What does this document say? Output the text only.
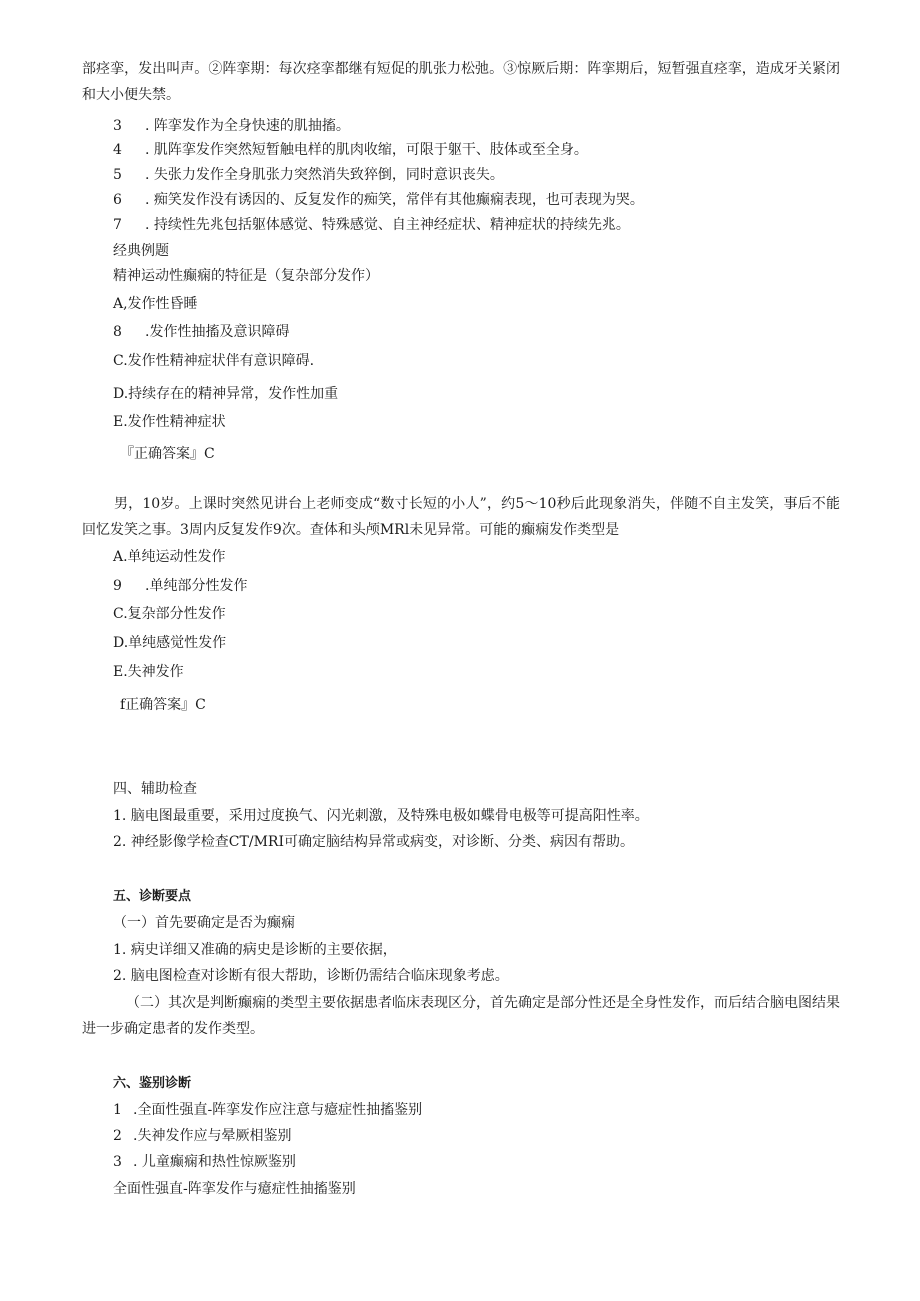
部痉挛，发出叫声。②阵挛期：每次痉挛都继有短促的肌张力松弛。③惊厥后期：阵挛期后，短暂强直痉挛，造成牙关紧闭和大小便失禁。
3 . 阵挛发作为全身快速的肌抽搐。
4 . 肌阵挛发作突然短暂触电样的肌肉收缩，可限于躯干、肢体或至全身。
5 . 失张力发作全身肌张力突然消失致猝倒，同时意识丧失。
6 . 痴笑发作没有诱因的、反复发作的痴笑，常伴有其他癫痫表现，也可表现为哭。
7 . 持续性先兆包括躯体感觉、特殊感觉、自主神经症状、精神症状的持续先兆。
经典例题
精神运动性癫痫的特征是（复杂部分发作）
A,发作性昏睡
8 .发作性抽搐及意识障碍
C.发作性精神症状伴有意识障碍.
D.持续存在的精神异常，发作性加重
E.发作性精神症状
『正确答案』C
男，10岁。上课时突然见讲台上老师变成“数寸长短的小人”，约5～10秒后此现象消失，伴随不自主发笑，事后不能回忆发笑之事。3周内反复发作9次。查体和头颅MRl未见异常。可能的癫痫发作类型是
A.单纯运动性发作
9 .单纯部分性发作
C.复杂部分性发作
D.单纯感觉性发作
E.失神发作
f正确答案』C
四、辅助检查
1. 脑电图最重要，采用过度换气、闪光刺激，及特殊电极如蝶骨电极等可提高阳性率。
2. 神经影像学检查CT/MRI可确定脑结构异常或病变，对诊断、分类、病因有帮助。
五、诊断要点
（一）首先要确定是否为癫痫
1. 病史详细又准确的病史是诊断的主要依据，
2. 脑电图检查对诊断有很大帮助，诊断仍需结合临床现象考虑。
（二）其次是判断癫痫的类型主要依据患者临床表现区分，首先确定是部分性还是全身性发作，而后结合脑电图结果进一步确定患者的发作类型。
六、鉴别诊断
1 .全面性强直-阵挛发作应注意与癔症性抽搐鉴别
2 .失神发作应与晕厥相鉴别
3 . 儿童癫痫和热性惊厥鉴别
全面性强直-阵挛发作与癔症性抽搐鉴别
